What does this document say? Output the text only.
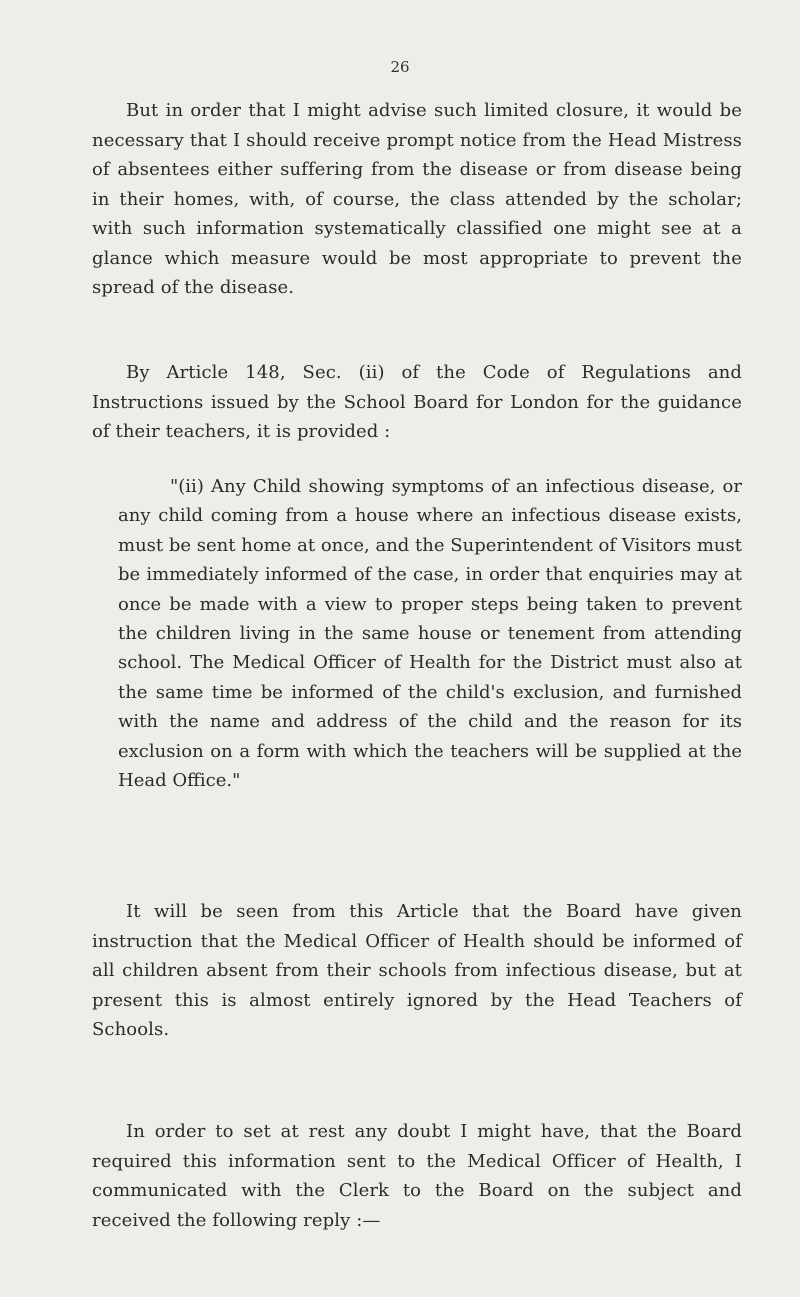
26

But in order that I might advise such limited closure, it would be necessary that I should receive prompt notice from the Head Mistress of absentees either suffering from the disease or from disease being in their homes, with, of course, the class attended by the scholar; with such information systematically classified one might see at a glance which measure would be most appropriate to prevent the spread of the disease.

By Article 148, Sec. (ii) of the Code of Regulations and Instructions issued by the School Board for London for the guidance of their teachers, it is provided :

"(ii) Any Child showing symptoms of an infectious disease, or any child coming from a house where an infectious disease exists, must be sent home at once, and the Superintendent of Visitors must be immediately informed of the case, in order that enquiries may at once be made with a view to proper steps being taken to prevent the children living in the same house or tenement from attending school. The Medical Officer of Health for the District must also at the same time be informed of the child's exclusion, and furnished with the name and address of the child and the reason for its exclusion on a form with which the teachers will be supplied at the Head Office."

It will be seen from this Article that the Board have given instruction that the Medical Officer of Health should be informed of all children absent from their schools from infectious disease, but at present this is almost entirely ignored by the Head Teachers of Schools.

In order to set at rest any doubt I might have, that the Board required this information sent to the Medical Officer of Health, I communicated with the Clerk to the Board on the subject and received the following reply :—
